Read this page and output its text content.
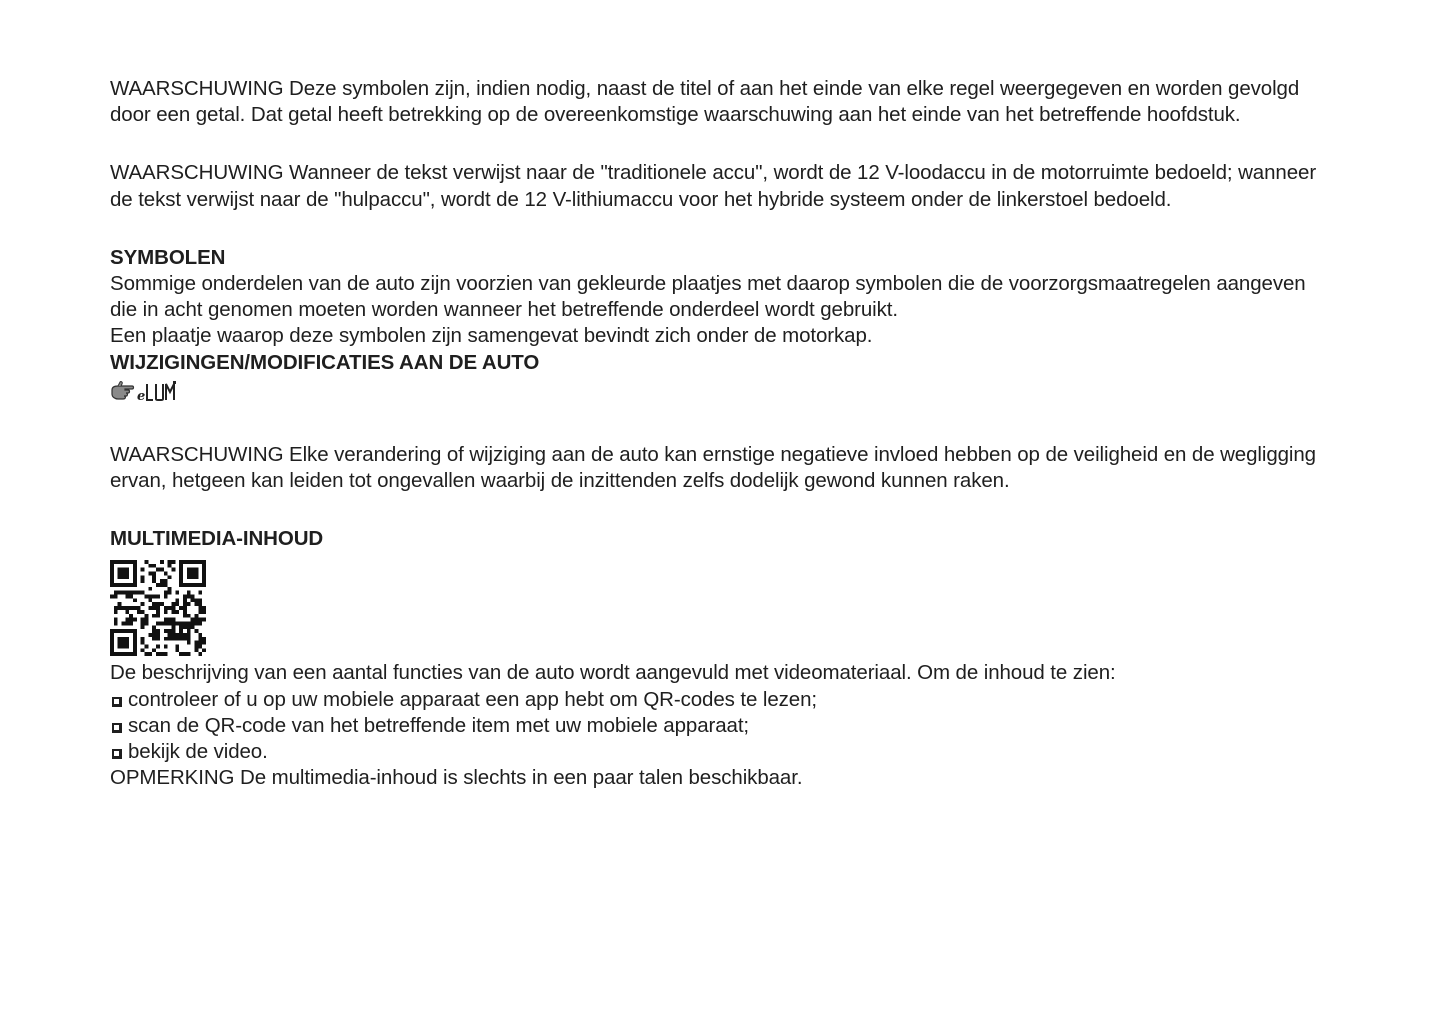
WAARSCHUWING Deze symbolen zijn, indien nodig, naast de titel of aan het einde van elke regel weergegeven en worden gevolgd door een getal. Dat getal heeft betrekking op de overeenkomstige waarschuwing aan het einde van het betreffende hoofdstuk.

WAARSCHUWING Wanneer de tekst verwijst naar de "traditionele accu", wordt de 12 V-loodaccu in de motorruimte bedoeld; wanneer de tekst verwijst naar de "hulpaccu", wordt de 12 V-lithiumaccu voor het hybride systeem onder de linkerstoel bedoeld.

SYMBOLEN

Sommige onderdelen van de auto zijn voorzien van gekleurde plaatjes met daarop symbolen die de voorzorgsmaatregelen aangeven die in acht genomen moeten worden wanneer het betreffende onderdeel wordt gebruikt.

Een plaatje waarop deze symbolen zijn samengevat bevindt zich onder de motorkap.

WIJZIGINGEN/MODIFICATIES AAN DE AUTO

e

WAARSCHUWING Elke verandering of wijziging aan de auto kan ernstige negatieve invloed hebben op de veiligheid en de wegligging ervan, hetgeen kan leiden tot ongevallen waarbij de inzittenden zelfs dodelijk gewond kunnen raken.

MULTIMEDIA-INHOUD

De beschrijving van een aantal functies van de auto wordt aangevuld met videomateriaal. Om de inhoud te zien:

controleer of u op uw mobiele apparaat een app hebt om QR-codes te lezen;
scan de QR-code van het betreffende item met uw mobiele apparaat;
bekijk de video.

OPMERKING De multimedia-inhoud is slechts in een paar talen beschikbaar.
